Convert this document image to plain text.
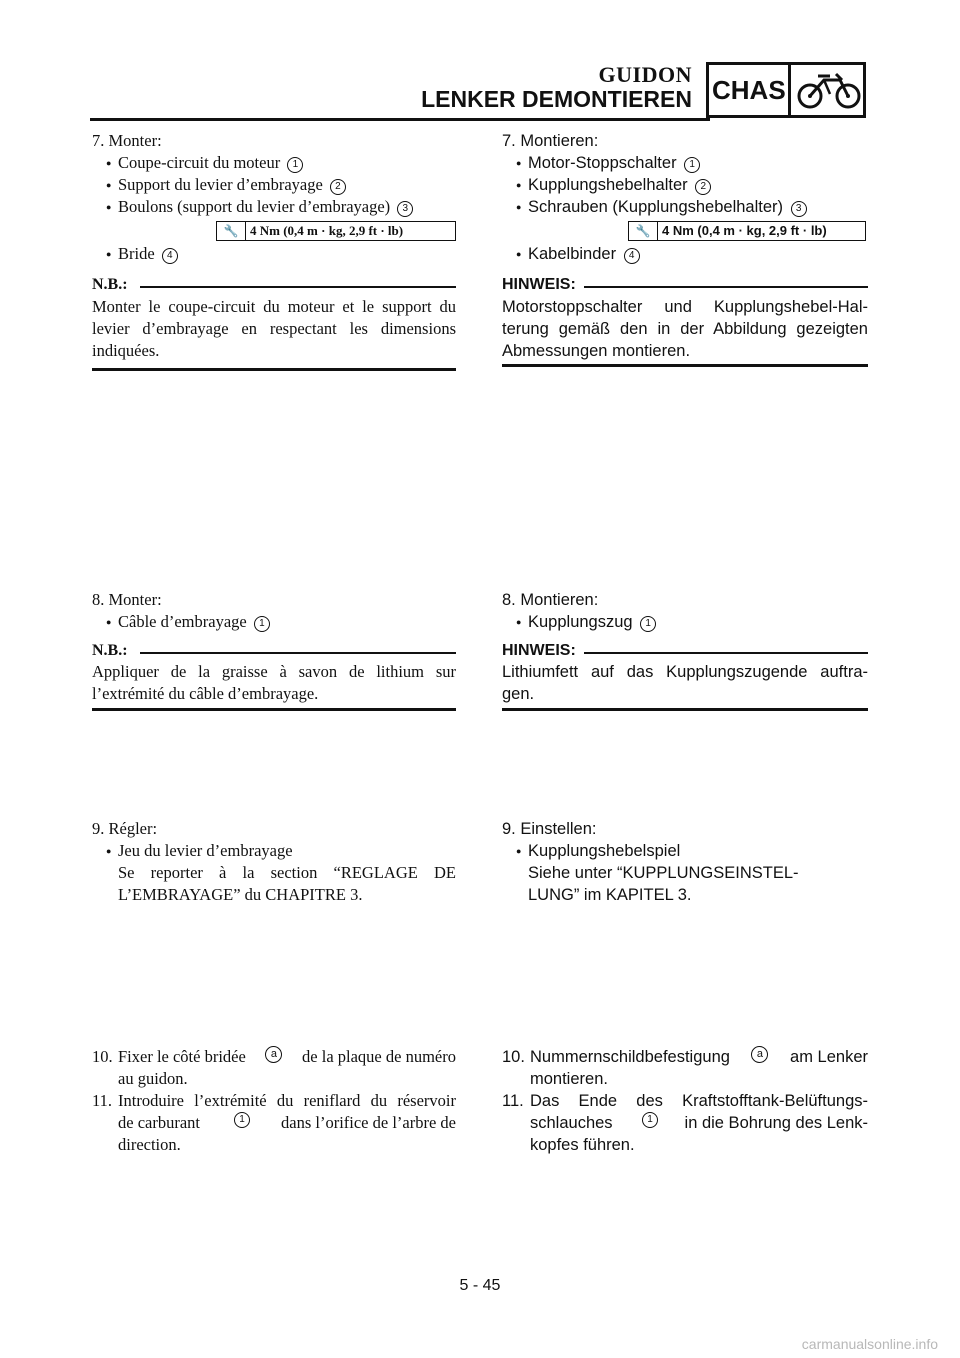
GUIDON
LENKER DEMONTIEREN CHAS
7. Monter:
● Coupe-circuit du moteur 1
● Support du levier d’embrayage 2
● Boulons (support du levier d’embrayage) 3
🔧 4 Nm (0,4 m · kg, 2,9 ft · lb)
● Bride 4
N.B.:
Monter le coupe-circuit du moteur et le support du
levier d’embrayage en respectant les dimensions
indiquées.
8. Monter:
● Câble d’embrayage 1
N.B.:
Appliquer de la graisse à savon de lithium sur
l’extrémité du câble d’embrayage.
9. Régler:
● Jeu du levier d’embrayage
Se reporter à la section “REGLAGE DE
L’EMBRAYAGE” du CHAPITRE 3.
10. Fixer le côté bridée	a	de la plaque de numéro
au guidon.
11. Introduire l’extrémité du reniflard du réservoir
de carburant	1	dans l’orifice de l’arbre de
direction.
7. Montieren:
● Motor-Stoppschalter 1
● Kupplungshebelhalter 2
● Schrauben (Kupplungshebelhalter) 3
🔧 4 Nm (0,4 m · kg, 2,9 ft · lb)
● Kabelbinder 4
HINWEIS:
Motorstoppschalter und Kupplungshebel-Hal-
terung gemäß den in der Abbildung gezeigten
Abmessungen montieren.
8. Montieren:
● Kupplungszug 1
HINWEIS:
Lithiumfett auf das Kupplungszugende auftra-
gen.
9. Einstellen:
● Kupplungshebelspiel
Siehe unter “KUPPLUNGSEINSTEL-
LUNG” im KAPITEL 3.
10. Nummernschildbefestigung	a	am Lenker
montieren.
11. Das Ende des Kraftstofftank-Belüftungs-
schlauches	1	in die Bohrung des Lenk-
kopfes führen.
5 - 45
carmanualsonline.info
